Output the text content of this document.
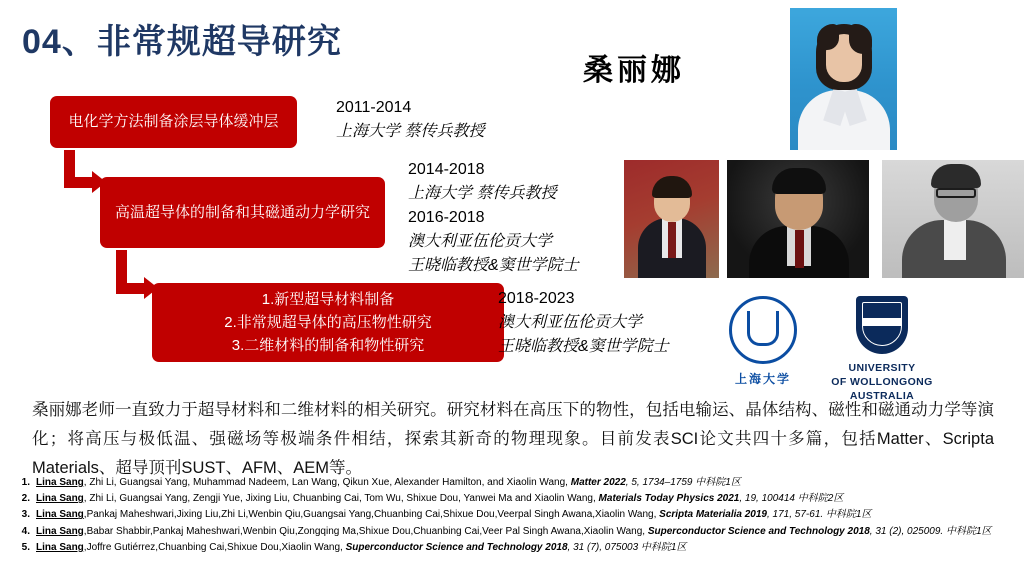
04、非常规超导研究
桑丽娜
电化学方法制备涂层导体缓冲层
高温超导体的制备和其磁通动力学研究
1.新型超导材料制备
2.非常规超导体的高压物性研究
3.二维材料的制备和物性研究
2011-2014
上海大学 蔡传兵教授
2014-2018
上海大学 蔡传兵教授
2016-2018
澳大利亚伍伦贡大学
王晓临教授&窦世学院士
2018-2023
澳大利亚伍伦贡大学
王晓临教授&窦世学院士
上海大学
UNIVERSITY
OF WOLLONGONG
AUSTRALIA
桑丽娜老师一直致力于超导材料和二维材料的相关研究。研究材料在高压下的物性，包括电输运、晶体结构、磁性和磁通动力学等演化；将高压与极低温、强磁场等极端条件相结，探索其新奇的物理现象。目前发表SCI论文共四十多篇，包括Matter、Scripta Materials、超导顶刊SUST、AFM、AEM等。
1. Lina Sang, Zhi Li, Guangsai Yang, Muhammad Nadeem, Lan Wang, Qikun Xue, Alexander Hamilton, and Xiaolin Wang, Matter 2022, 5, 1734–1759 中科院1区
2. Lina Sang, Zhi Li, Guangsai Yang, Zengji Yue, Jixing Liu, Chuanbing Cai, Tom Wu, Shixue Dou, Yanwei Ma and Xiaolin Wang, Materials Today Physics 2021, 19, 100414 中科院2区
3. Lina Sang,Pankaj Maheshwari,Jixing Liu,Zhi Li,Wenbin Qiu,Guangsai Yang,Chuanbing Cai,Shixue Dou,Veerpal Singh Awana,Xiaolin Wang, Scripta Materialia 2019, 171, 57-61. 中科院1区
4. Lina Sang,Babar Shabbir,Pankaj Maheshwari,Wenbin Qiu,Zongqing Ma,Shixue Dou,Chuanbing Cai,Veer Pal Singh Awana,Xiaolin Wang, Superconductor Science and Technology 2018, 31 (2), 025009. 中科院1区
5. Lina Sang,Joffre Gutiérrez,Chuanbing Cai,Shixue Dou,Xiaolin Wang, Superconductor Science and Technology 2018, 31 (7), 075003 中科院1区
